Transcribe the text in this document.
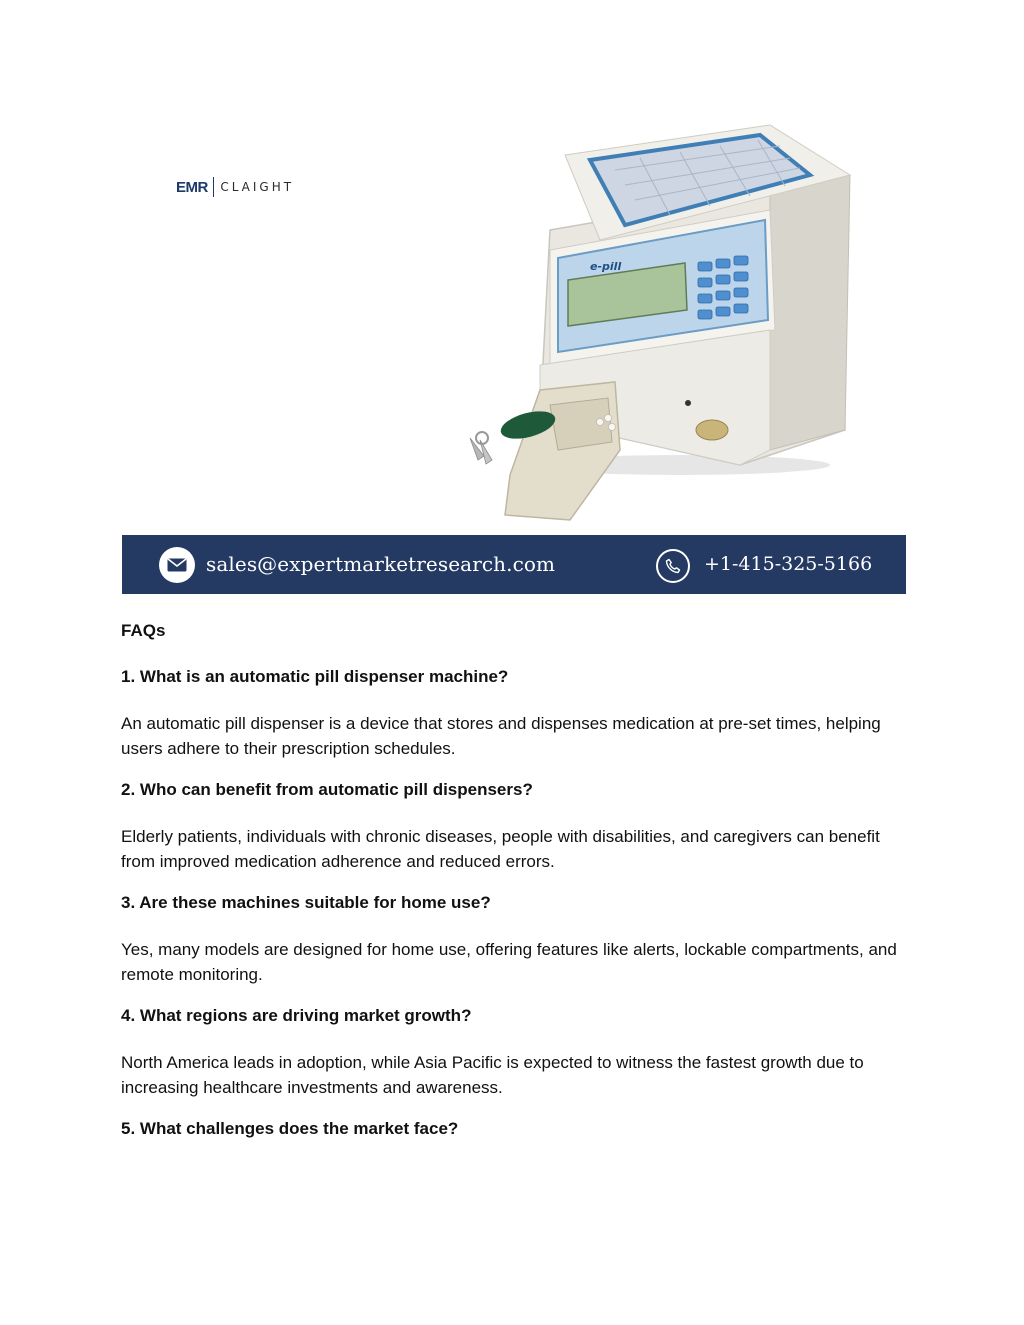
EMR CLAIGHT
e-pill
sales@expertmarketresearch.com	+1-415-325-5166
FAQs
1. What is an automatic pill dispenser machine?
An automatic pill dispenser is a device that stores and dispenses medication at pre-set times, helping users adhere to their prescription schedules.
2. Who can benefit from automatic pill dispensers?
Elderly patients, individuals with chronic diseases, people with disabilities, and caregivers can benefit from improved medication adherence and reduced errors.
3. Are these machines suitable for home use?
Yes, many models are designed for home use, offering features like alerts, lockable compartments, and remote monitoring.
4. What regions are driving market growth?
North America leads in adoption, while Asia Pacific is expected to witness the fastest growth due to increasing healthcare investments and awareness.
5. What challenges does the market face?
